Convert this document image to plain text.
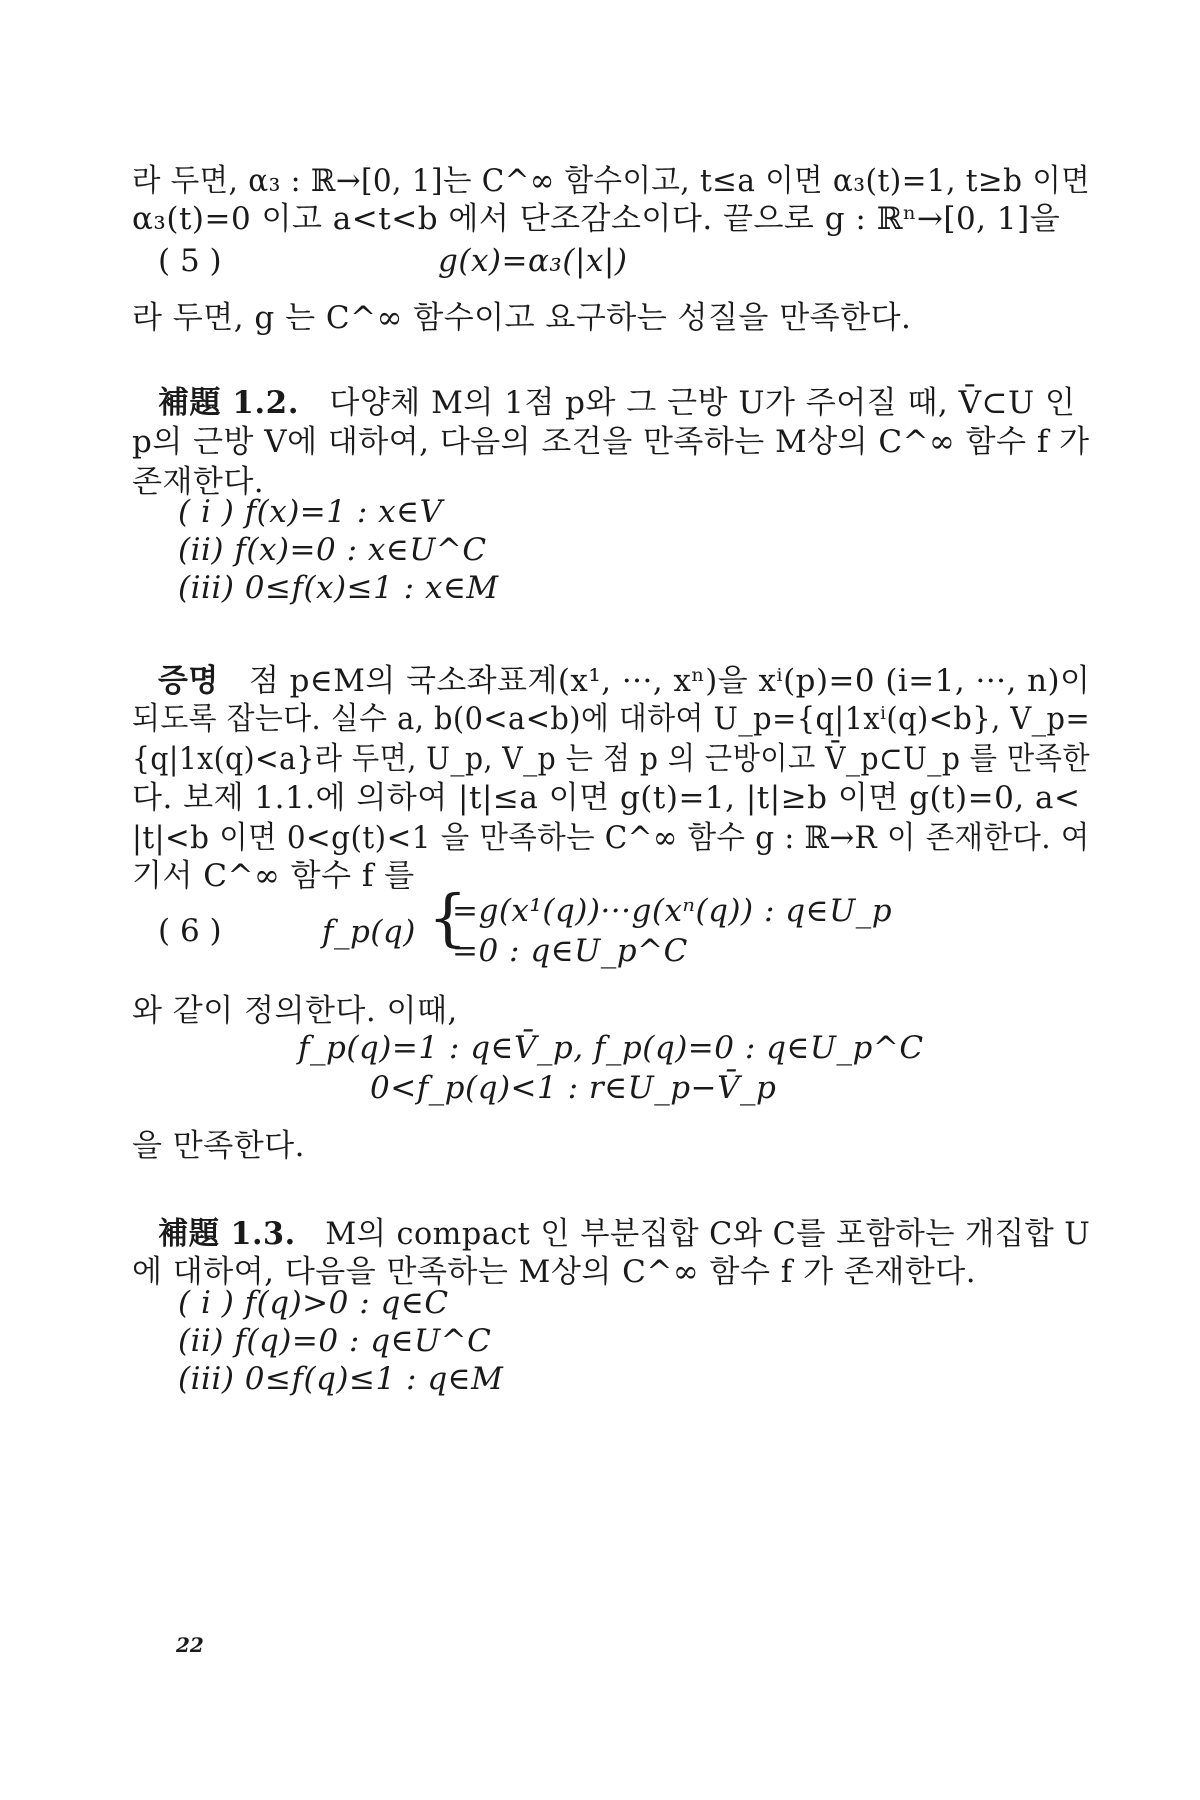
라 두면, α₃ : ℝ→[0, 1]는 C^∞ 함수이고, t≤a 이면 α₃(t)=1, t≥b 이면
α₃(t)=0 이고 a<t<b 에서 단조감소이다. 끝으로 g : ℝⁿ→[0, 1]을
( 5 )	g(x)=α₃(|x|)
라 두면, g 는 C^∞ 함수이고 요구하는 성질을 만족한다.
補題 1.2. 다양체 M의 1점 p와 그 근방 U가 주어질 때, V̄⊂U 인
p의 근방 V에 대하여, 다음의 조건을 만족하는 M상의 C^∞ 함수 f 가
존재한다.
( i ) f(x)=1 : x∈V
(ii) f(x)=0 : x∈U^C
(iii) 0≤f(x)≤1 : x∈M
증명 점 p∈M의 국소좌표계(x¹, ···, xⁿ)을 xⁱ(p)=0 (i=1, ···, n)이
되도록 잡는다. 실수 a, b(0<a<b)에 대하여 U_p={q|1xⁱ(q)<b}, V_p=
{q|1x(q)<a}라 두면, U_p, V_p 는 점 p 의 근방이고 V̄_p⊂U_p 를 만족한
다. 보제 1.1.에 의하여 |t|≤a 이면 g(t)=1, |t|≥b 이면 g(t)=0, a<
|t|<b 이면 0<g(t)<1 을 만족하는 C^∞ 함수 g : ℝ→R 이 존재한다. 여
기서 C^∞ 함수 f 를
( 6 )	f_p(q) {
=g(x¹(q))···g(xⁿ(q)) : q∈U_p
=0 : q∈U_p^C
와 같이 정의한다. 이때,
f_p(q)=1 : q∈V̄_p, f_p(q)=0 : q∈U_p^C
0<f_p(q)<1 : r∈U_p−V̄_p
을 만족한다.
補題 1.3. M의 compact 인 부분집합 C와 C를 포함하는 개집합 U
에 대하여, 다음을 만족하는 M상의 C^∞ 함수 f 가 존재한다.
( i ) f(q)>0 : q∈C
(ii) f(q)=0 : q∈U^C
(iii) 0≤f(q)≤1 : q∈M
22
